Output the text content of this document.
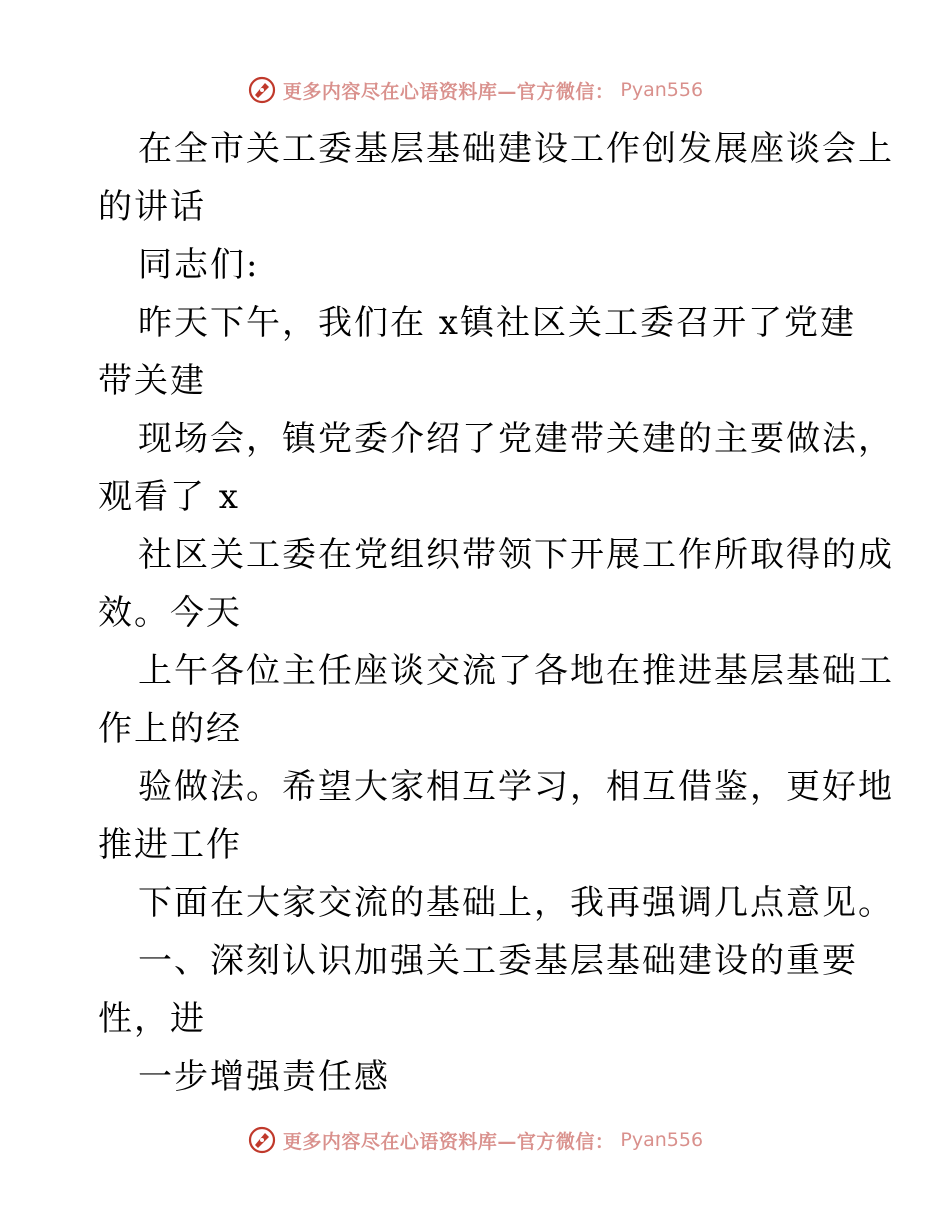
更多内容尽在心语资料库—官方微信： Pyan556
在全市关工委基层基础建设工作创发展座谈会上
的讲话
同志们:
昨天下午，我们在 x镇社区关工委召开了党建
带关建
现场会，镇党委介绍了党建带关建的主要做法，
观看了 x
社区关工委在党组织带领下开展工作所取得的成
效。今天
上午各位主任座谈交流了各地在推进基层基础工
作上的经
验做法。希望大家相互学习，相互借鉴，更好地
推进工作
下面在大家交流的基础上，我再强调几点意见。
一、深刻认识加强关工委基层基础建设的重要
性，进
一步增强责任感
更多内容尽在心语资料库—官方微信： Pyan556
